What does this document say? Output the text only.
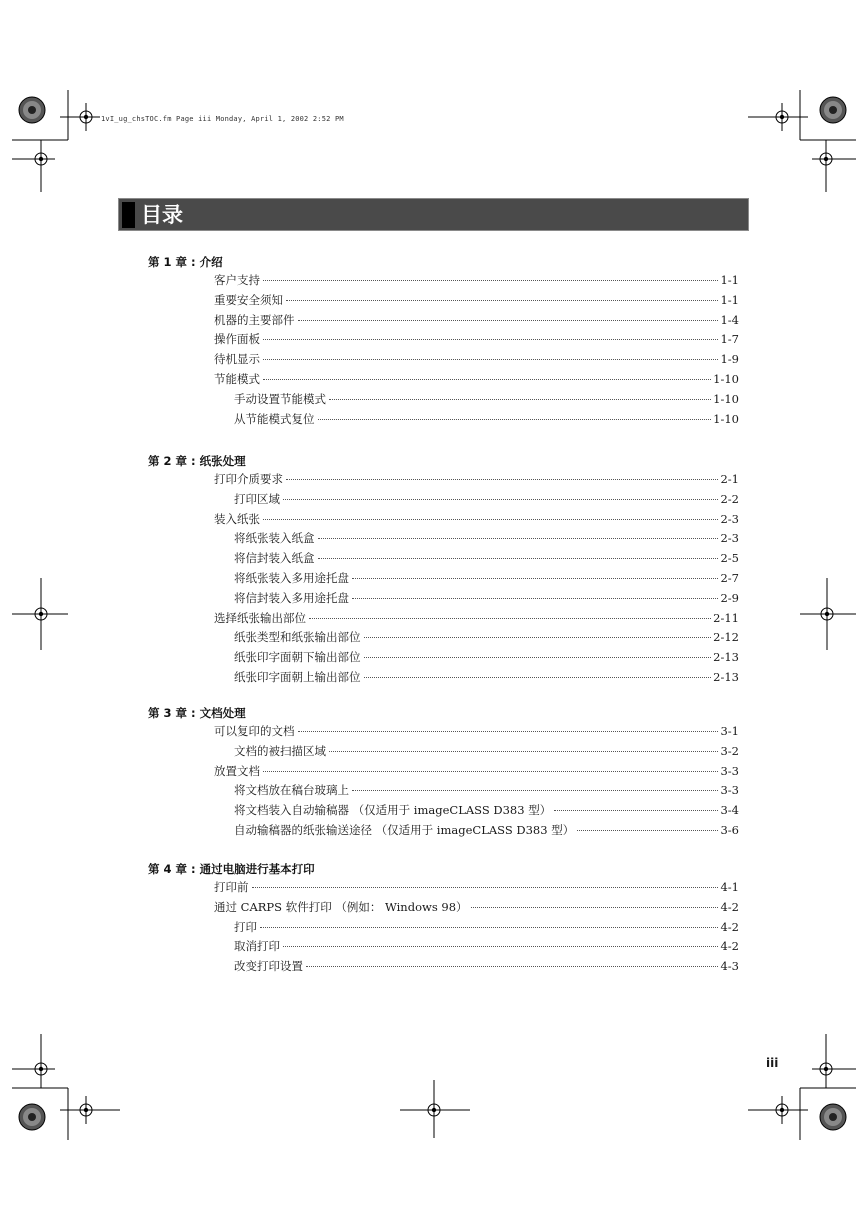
1vI_ug_chsTOC.fm Page iii Monday, April 1, 2002 2:52 PM
目录
第 1 章 : 介绍
客户支持	1-1
重要安全须知	1-1
机器的主要部件	1-4
操作面板	1-7
待机显示	1-9
节能模式	1-10
手动设置节能模式	1-10
从节能模式复位	1-10
第 2 章 : 纸张处理
打印介质要求	2-1
打印区域	2-2
装入纸张	2-3
将纸张装入纸盒	2-3
将信封装入纸盒	2-5
将纸张装入多用途托盘	2-7
将信封装入多用途托盘	2-9
选择纸张输出部位	2-11
纸张类型和纸张输出部位	2-12
纸张印字面朝下输出部位	2-13
纸张印字面朝上输出部位	2-13
第 3 章 : 文档处理
可以复印的文档	3-1
文档的被扫描区域	3-2
放置文档	3-3
将文档放在稿台玻璃上	3-3
将文档装入自动输稿器 （仅适用于 imageCLASS D383 型）	3-4
自动输稿器的纸张输送途径 （仅适用于 imageCLASS D383 型）	3-6
第 4 章 : 通过电脑进行基本打印
打印前	4-1
通过 CARPS 软件打印 （例如： Windows 98）	4-2
打印	4-2
取消打印	4-2
改变打印设置	4-3
iii
